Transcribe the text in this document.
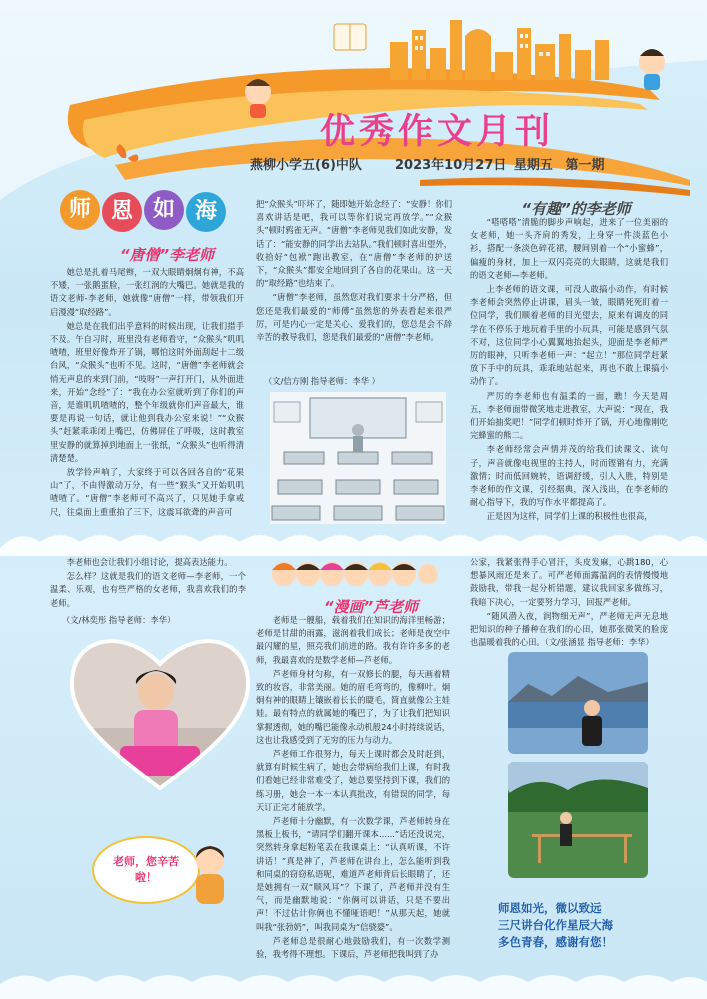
优秀作文月刊
燕柳小学五(6)中队	2023年10月27日 星期五 第一期
师 恩 如 海
“唐僧”李老师

她总是扎着马尾辫，一双大眼睛炯炯有神，不高不矮，一张鹅蛋脸，一张红润的大嘴巴。她就是我的语文老师-李老师，她就像“唐僧”一样，带领我们开启漫漫“取经路”。

她总是在我们出乎意料的时候出现，让我们措手不及。午自习时，班里没有老师看守，“众猴头”叽叽喳喳，班里好像炸开了锅，哪怕这时外面刮起十二级台风，“众猴头”也听不见。这时，“唐僧”李老师就会悄无声息的来到门前，“吱呀”一声打开门，从外面进来，开始“念经”了：“我在办公室就听到了你们的声音，是谁叽叽喳喳的，整个年级就你们声音最大，谁要是再说一句话，就让他到我办公室来说！”“众猴头”赶紧乖乖闭上嘴巴，仿佛屏住了呼吸，这时教室里安静的就算掉到地面上一张纸，“众猴头”也听得清清楚楚。

放学铃声响了，大家终于可以各回各自的“花果山”了，不由得激动万分，有一些“猴头”又开始叽叽喳喳了。“唐僧”李老师可不高兴了，只见她手拿戒尺，往桌面上重重拍了三下，这震耳欲聋的声音可

把“众猴头”吓坏了，随即她开始念经了：“安静！你们喜欢讲话是吧，我可以等你们说完再放学。”“众猴头”顿时鸦雀无声。“唐僧”李老师见我们如此安静，发话了：“能安静的同学出去站队。”我们顿时喜出望外，收拾好“包袱”跑出教室，在“唐僧”李老师的护送下，“众猴头”都安全地回到了各自的花果山。这一天的“取经路”也结束了。

“唐僧”李老师，虽然您对我们要求十分严格，但您还是我们最爱的“师傅”虽然您的外表看起来很严厉，可是内心一定是关心、爱我们的，您总是会不辞辛苦的教导我们，您是我们最爱的“唐僧”李老师。

（文/信方刚 指导老师：李华 ）
“有趣”的李老师

“嗒嗒嗒”清脆的脚步声响起，进来了一位美丽的女老师，她一头齐肩的秀发，上身穿一件淡蓝色小衫，搭配一条淡色碎花裙，腰间别着一个“小蜜蜂”，偏瘦的身材，加上一双闪亮亮的大眼睛，这就是我们的语文老师—李老师。

上李老师的语文课，可没人敢搞小动作，有时候李老师会突然停止讲课，眉头一皱，眼睛死死盯着一位同学，我们顺着老师的目光望去，原来有调皮的同学在不停乐于地玩着手里的小玩具，可能是感到气氛不对，这位同学小心翼翼地抬起头，迎面是李老师严厉的眼神，只听李老师一声：“起立！”那位同学赶紧放下手中的玩具，乖乖地站起来，再也不敢上课搞小动作了。

严厉的李老师也有温柔的一面，瞧！今天是周五，李老师面带微笑地走进教室，大声说：“现在，我们开始抽奖吧！”同学们顿时炸开了锅，开心地像刚吃完蜂蜜的熊二。

李老师经常会声情并茂的给我们读课文、读句子，声音就像电视里的主持人，时而铿锵有力，充满激情；时而低回婉转，语调舒缓，引人入胜，特别是李老师的作文课，引经据典，深入浅出，在李老师的耐心指导下，我的写作水平都提高了。

正是因为这样，同学们上课的积极性也很高，

李老师也会让我们小组讨论，提高表达能力。

怎么样？这就是我们的语文老师—李老师，一个温柔、乐观，也有些严格的女老师，我喜欢我们的李老师。

（文/林奕彤 指导老师：李华）
老师，您辛苦啦！
“漫画”芦老师

老师是一艘船，载着我们在知识的海洋里畅游；老师是甘甜的雨露，滋润着我们成长；老师是夜空中最闪耀的星，照亮我们前进的路。我有许许多多的老师，我最喜欢的是数学老师—芦老师。

芦老师身材匀称，有一双修长的腿，每天画着精致的妆容，非常美丽。她的眉毛弯弯的，像柳叶。炯炯有神的眼睛上镶嵌着长长的睫毛，简直就像公主娃娃。最有特点的就属她的嘴巴了，为了让我们把知识掌握透彻，她的嘴巴能像永动机般24小时持续说话，这也让我感受到了无穷的压力与动力。

芦老师工作很努力，每天上课时都会及时赶到，就算有时候生病了，她也会带病给我们上课，有时我们看她已经非常难受了，她总要坚持到下课，我们的练习册，她会一本一本认真批改，有错误的同学，每天订正完才能放学。

芦老师十分幽默，有一次数学课，芦老师转身在黑板上板书，“请同学们翻开课本......”话还没说完，突然转身拿起粉笔丢在我课桌上：“认真听课，不许讲话！”真是神了，芦老师在讲台上，怎么能听到我和同桌的窃窃私语呢，难道芦老师背后长眼睛了，还是她拥有一双“顺风耳”？下课了，芦老师并没有生气，而是幽默地说：“你俩可以讲话，只是不要出声！不过估计你俩也不懂哑语吧！”从那天起，她就叫我“张勃奶”，叫我同桌为“信骁婆”。

芦老师总是很耐心地鼓励我们，有一次数学测验，我考得不理想。下课后，芦老师把我叫到了办

公家，我紧张得手心冒汗，头皮发麻，心跳180，心想暴风雨还是来了。可严老师面露温润的表情慢慢地鼓励我，带我一起分析错题，建议我回家多做练习，我暗下决心，一定要努力学习，回报严老师。

“随风潜入夜，润物细无声”，严老师无声无息地把知识的种子播种在我们的心田，她那张微笑的脸庞也温暖着我的心田。（文/张涵显 指导老师：李华）

师恩如光，微以致远
三尺讲台化作星辰大海
多色青春，感谢有您！
